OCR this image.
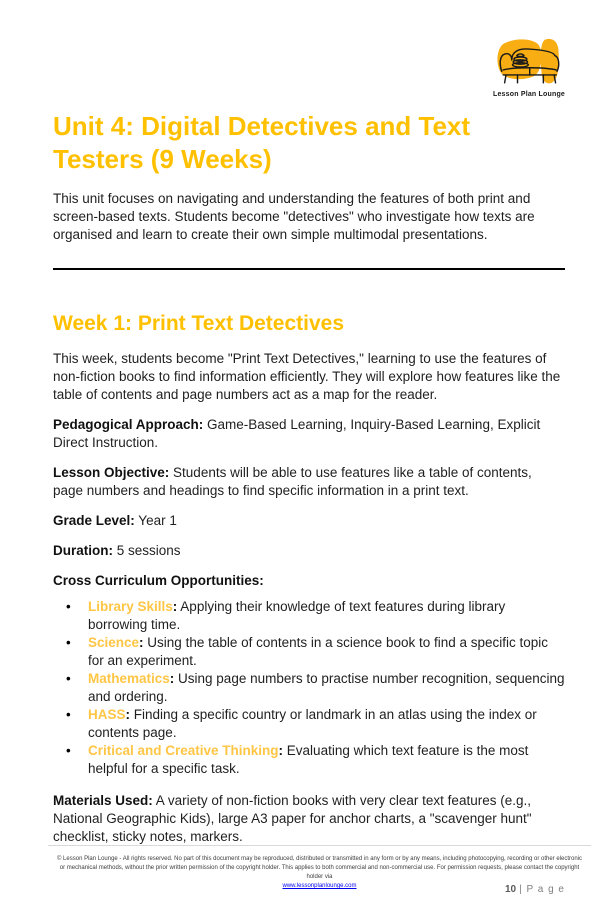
Lesson Plan Lounge
Unit 4: Digital Detectives and Text Testers (9 Weeks)

This unit focuses on navigating and understanding the features of both print and screen-based texts. Students become "detectives" who investigate how texts are organised and learn to create their own simple multimodal presentations.

Week 1: Print Text Detectives

This week, students become "Print Text Detectives," learning to use the features of non-fiction books to find information efficiently. They will explore how features like the table of contents and page numbers act as a map for the reader.

Pedagogical Approach: Game-Based Learning, Inquiry-Based Learning, Explicit Direct Instruction.

Lesson Objective: Students will be able to use features like a table of contents, page numbers and headings to find specific information in a print text.

Grade Level: Year 1

Duration: 5 sessions

Cross Curriculum Opportunities:

• Library Skills: Applying their knowledge of text features during library borrowing time.
• Science: Using the table of contents in a science book to find a specific topic for an experiment.
• Mathematics: Using page numbers to practise number recognition, sequencing and ordering.
• HASS: Finding a specific country or landmark in an atlas using the index or contents page.
• Critical and Creative Thinking: Evaluating which text feature is the most helpful for a specific task.

Materials Used: A variety of non-fiction books with very clear text features (e.g., National Geographic Kids), large A3 paper for anchor charts, a "scavenger hunt" checklist, sticky notes, markers.

© Lesson Plan Lounge - All rights reserved. No part of this document may be reproduced, distributed or transmitted in any form or by any means, including photocopying, recording or other electronic or mechanical methods, without the prior written permission of the copyright holder. This applies to both commercial and non-commercial use. For permission requests, please contact the copyright holder via
www.lessonplanlounge.com	10 | P a g e
